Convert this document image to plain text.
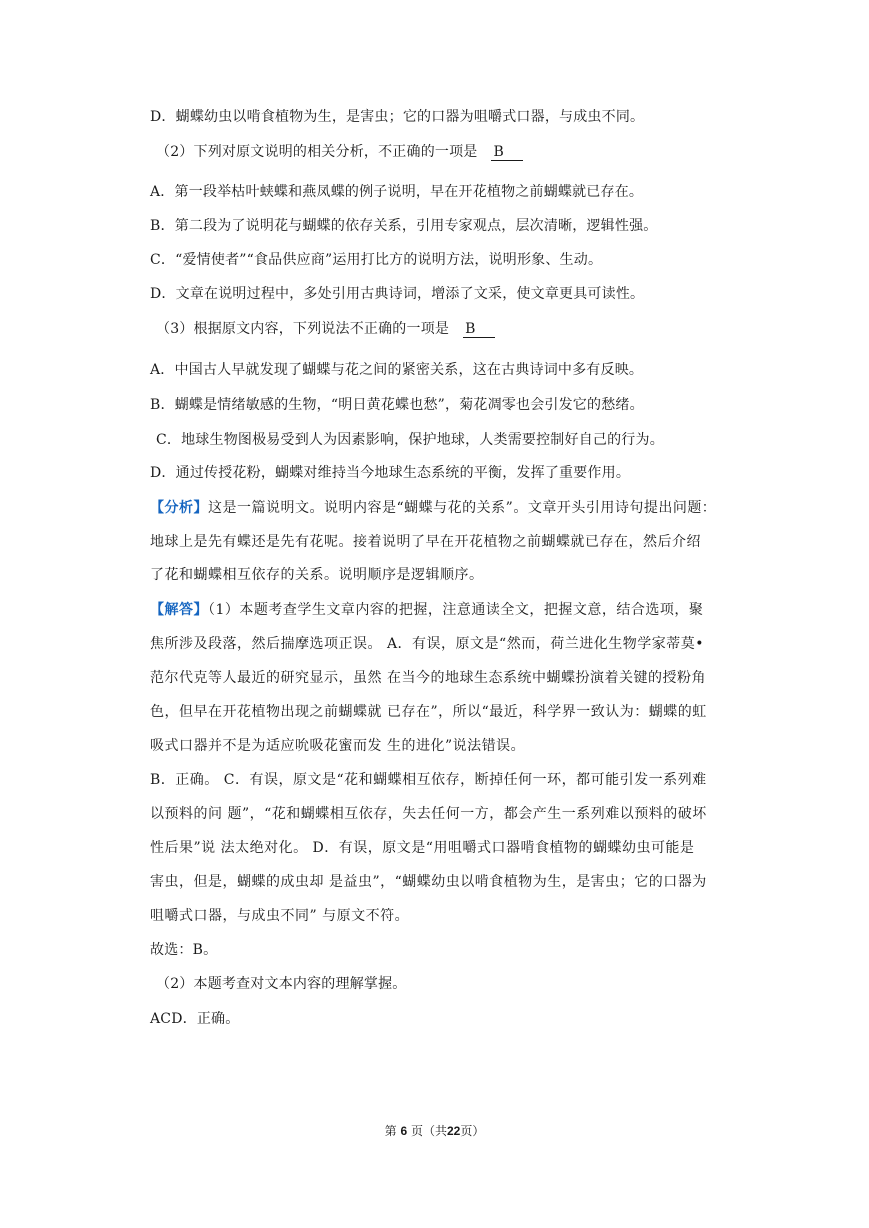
D．蝴蝶幼虫以啃食植物为生，是害虫；它的口器为咀嚼式口器，与成虫不同。
（2）下列对原文说明的相关分析，不正确的一项是 B
A．第一段举枯叶蛱蝶和燕凤蝶的例子说明，早在开花植物之前蝴蝶就已存在。
B．第二段为了说明花与蝴蝶的依存关系，引用专家观点，层次清晰，逻辑性强。
C．“爱情使者”“食品供应商”运用打比方的说明方法，说明形象、生动。
D．文章在说明过程中，多处引用古典诗词，增添了文采，使文章更具可读性。
（3）根据原文内容，下列说法不正确的一项是 B
A．中国古人早就发现了蝴蝶与花之间的紧密关系，这在古典诗词中多有反映。
B．蝴蝶是情绪敏感的生物，“明日黄花蝶也愁”，菊花凋零也会引发它的愁绪。
C．地球生物图极易受到人为因素影响，保护地球，人类需要控制好自己的行为。
D．通过传授花粉，蝴蝶对维持当今地球生态系统的平衡，发挥了重要作用。
【分析】这是一篇说明文。说明内容是“蝴蝶与花的关系”。文章开头引用诗句提出问题：
地球上是先有蝶还是先有花呢。接着说明了早在开花植物之前蝴蝶就已存在，然后介绍
了花和蝴蝶相互依存的关系。说明顺序是逻辑顺序。
【解答】（1）本题考查学生文章内容的把握，注意通读全文，把握文意，结合选项，聚
焦所涉及段落，然后揣摩选项正误。 A．有误，原文是“然而，荷兰进化生物学家蒂莫•
范尔代克等人最近的研究显示，虽然 在当今的地球生态系统中蝴蝶扮演着关键的授粉角
色，但早在开花植物出现之前蝴蝶就 已存在”，所以“最近，科学界一致认为：蝴蝶的虹
吸式口器并不是为适应吮吸花蜜而发 生的进化”说法错误。
B．正确。 C．有误，原文是“花和蝴蝶相互依存，断掉任何一环，都可能引发一系列难
以预料的问 题”，“花和蝴蝶相互依存，失去任何一方，都会产生一系列难以预料的破坏
性后果”说 法太绝对化。 D．有误，原文是“用咀嚼式口器啃食植物的蝴蝶幼虫可能是
害虫，但是，蝴蝶的成虫却 是益虫”，“蝴蝶幼虫以啃食植物为生，是害虫；它的口器为
咀嚼式口器，与成虫不同” 与原文不符。
故选：B。
（2）本题考查对文本内容的理解掌握。
ACD．正确。
第 6 页（共22页）
